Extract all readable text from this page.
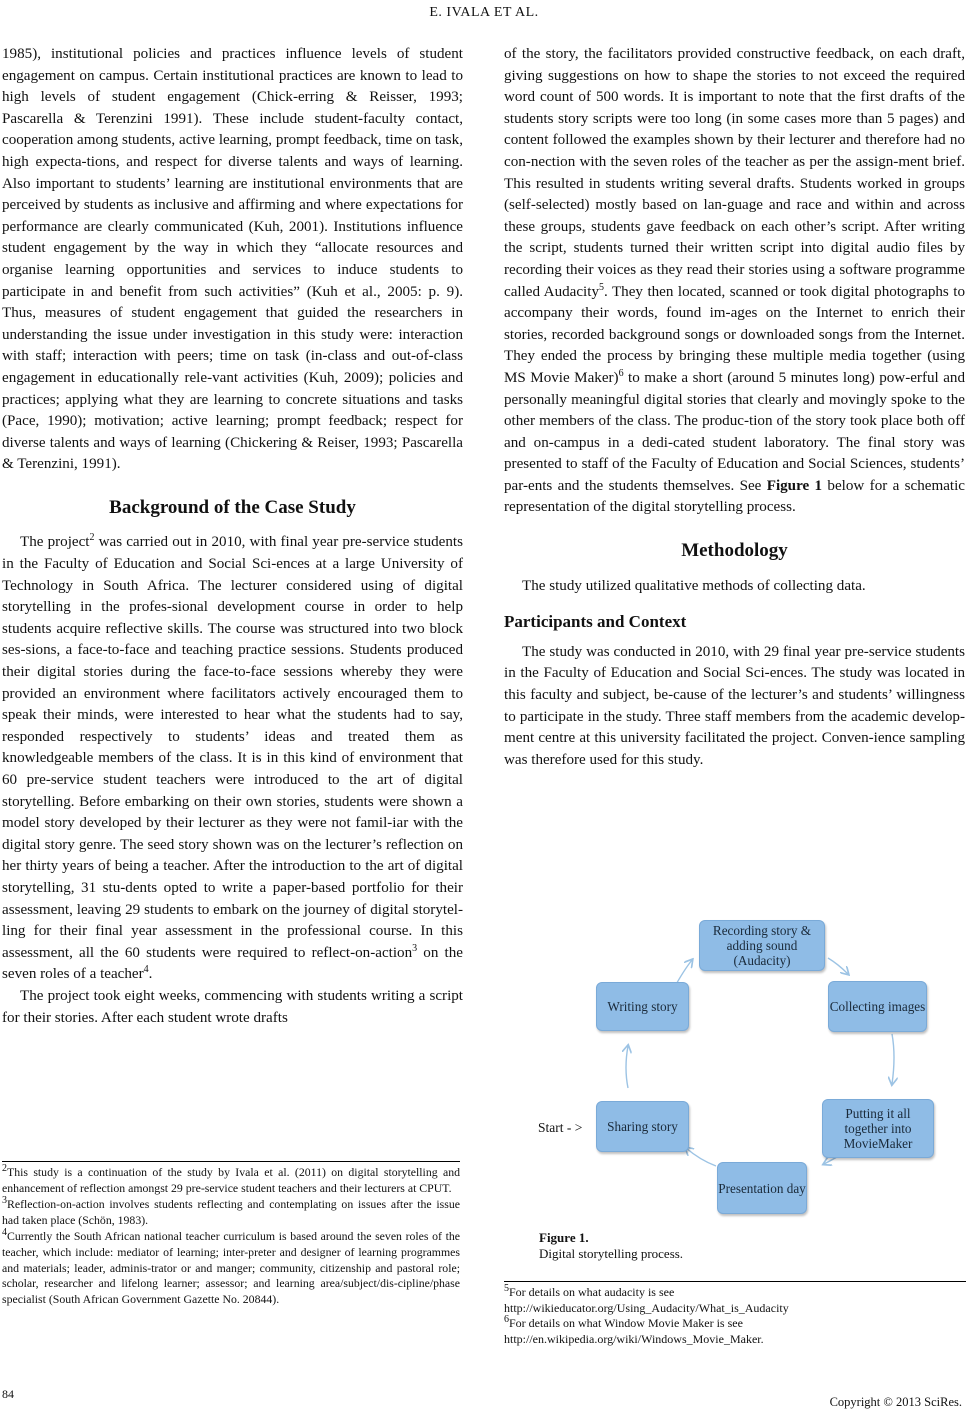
E. IVALA ET AL.

1985), institutional policies and practices influence levels of student engagement on campus. Certain institutional practices are known to lead to high levels of student engagement (Chick-erring & Reisser, 1993; Pascarella & Terenzini 1991). These include student-faculty contact, cooperation among students, active learning, prompt feedback, time on task, high expecta-tions, and respect for diverse talents and ways of learning. Also important to students’ learning are institutional environments that are perceived by students as inclusive and affirming and where expectations for performance are clearly communicated (Kuh, 2001). Institutions influence student engagement by the way in which they “allocate resources and organise learning opportunities and services to induce students to participate in and benefit from such activities” (Kuh et al., 2005: p. 9). Thus, measures of student engagement that guided the researchers in understanding the issue under investigation in this study were: interaction with staff; interaction with peers; time on task (in-class and out-of-class engagement in educationally rele-vant activities (Kuh, 2009); policies and practices; applying what they are learning to concrete situations and tasks (Pace, 1990); motivation; active learning; prompt feedback; respect for diverse talents and ways of learning (Chickering & Reiser, 1993; Pascarella & Terenzini, 1991).

Background of the Case Study

The project$^2$ was carried out in 2010, with final year pre-service students in the Faculty of Education and Social Sci-ences at a large University of Technology in South Africa. The lecturer considered using of digital storytelling in the profes-sional development course in order to help students acquire reflective skills. The course was structured into two block ses-sions, a face-to-face and teaching practice sessions. Students produced their digital stories during the face-to-face sessions whereby they were provided an environment where facilitators actively encouraged them to speak their minds, were interested to hear what the students had to say, responded respectively to students’ ideas and treated them as knowledgeable members of the class. It is in this kind of environment that 60 pre-service student teachers were introduced to the art of digital storytelling. Before embarking on their own stories, students were shown a model story developed by their lecturer as they were not famil-iar with the digital story genre. The seed story shown was on the lecturer’s reflection on her thirty years of being a teacher. After the introduction to the art of digital storytelling, 31 stu-dents opted to write a paper-based portfolio for their assessment, leaving 29 students to embark on the journey of digital storytel-ling for their final year assessment in the professional course. In this assessment, all the 60 students were required to reflect-on-action$^3$ on the seven roles of a teacher$^4$.

The project took eight weeks, commencing with students writing a script for their stories. After each student wrote drafts

$^2$This study is a continuation of the study by Ivala et al. (2011) on digital storytelling and enhancement of reflection amongst 29 pre-service student teachers and their lecturers at CPUT.

$^3$Reflection-on-action involves students reflecting and contemplating on issues after the issue had taken place (Schön, 1983).

$^4$Currently the South African national teacher curriculum is based around the seven roles of the teacher, which include: mediator of learning; inter-preter and designer of learning programmes and materials; leader, adminis-trator or and manger; community, citizenship and pastoral role; scholar, researcher and lifelong learner; assessor; and learning area/subject/dis-cipline/phase specialist (South African Government Gazette No. 20844).

of the story, the facilitators provided constructive feedback, on each draft, giving suggestions on how to shape the stories to not exceed the required word count of 500 words. It is important to note that the first drafts of the students story scripts were too long (in some cases more than 5 pages) and content followed the examples shown by their lecturer and therefore had no con-nection with the seven roles of the teacher as per the assign-ment brief. This resulted in students writing several drafts. Students worked in groups (self-selected) mostly based on lan-guage and race and within and across these groups, students gave feedback on each other’s script. After writing the script, students turned their written script into digital audio files by recording their voices as they read their stories using a software programme called Audacity$^5$. They then located, scanned or took digital photographs to accompany their words, found im-ages on the Internet to enrich their stories, recorded background songs or downloaded songs from the Internet. They ended the process by bringing these multiple media together (using MS Movie Maker)$^6$ to make a short (around 5 minutes long) pow-erful and personally meaningful digital stories that clearly and movingly spoke to the other members of the class. The produc-tion of the story took place both off and on-campus in a dedi-cated student laboratory. The final story was presented to staff of the Faculty of Education and Social Sciences, students’ par-ents and the students themselves. See Figure 1 below for a schematic representation of the digital storytelling process.

Methodology

The study utilized qualitative methods of collecting data.

Participants and Context

The study was conducted in 2010, with 29 final year pre-service students in the Faculty of Education and Social Sci-ences. The study was located in this faculty and subject, be-cause of the lecturer’s and students’ willingness to participate in the study. Three staff members from the academic develop-ment centre at this university facilitated the project. Conven-ience sampling was therefore used for this study.

Recording story & adding sound (Audacity)
Collecting images
Putting it all together into MovieMaker
Presentation day
Sharing story
Writing story
Start - >
Figure 1.
Digital storytelling process.

$^5$For details on what audacity is see

http://wikieducator.org/Using_Audacity/What_is_Audacity

$^6$For details on what Window Movie Maker is see

http://en.wikipedia.org/wiki/Windows_Movie_Maker.

84
Copyright © 2013 SciRes.
